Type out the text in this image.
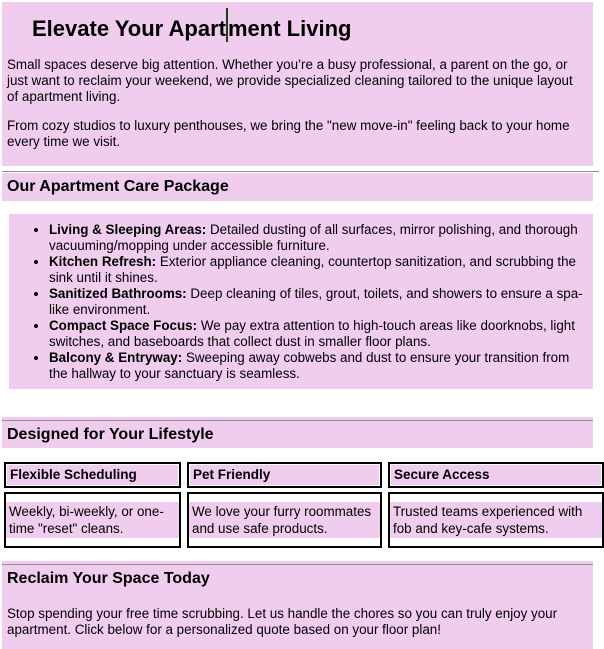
Elevate Your Apartment Living

Small spaces deserve big attention. Whether you’re a busy professional, a parent on the go, or just want to reclaim your weekend, we provide specialized cleaning tailored to the unique layout of apartment living.

From cozy studios to luxury penthouses, we bring the "new move-in" feeling back to your home every time we visit.

Our Apartment Care Package
• Living & Sleeping Areas: Detailed dusting of all surfaces, mirror polishing, and thorough vacuuming/mopping under accessible furniture.
• Kitchen Refresh: Exterior appliance cleaning, countertop sanitization, and scrubbing the sink until it shines.
• Sanitized Bathrooms: Deep cleaning of tiles, grout, toilets, and showers to ensure a spa-like environment.
• Compact Space Focus: We pay extra attention to high-touch areas like doorknobs, light switches, and baseboards that collect dust in smaller floor plans.
• Balcony & Entryway: Sweeping away cobwebs and dust to ensure your transition from the hallway to your sanctuary is seamless.
Designed for Your Lifestyle

Flexible Scheduling	Pet Friendly	Secure Access

Weekly, bi-weekly, or one-time "reset" cleans.	We love your furry roommates and use safe products.	Trusted teams experienced with fob and key-cafe systems.

Reclaim Your Space Today

Stop spending your free time scrubbing. Let us handle the chores so you can truly enjoy your apartment. Click below for a personalized quote based on your floor plan!
